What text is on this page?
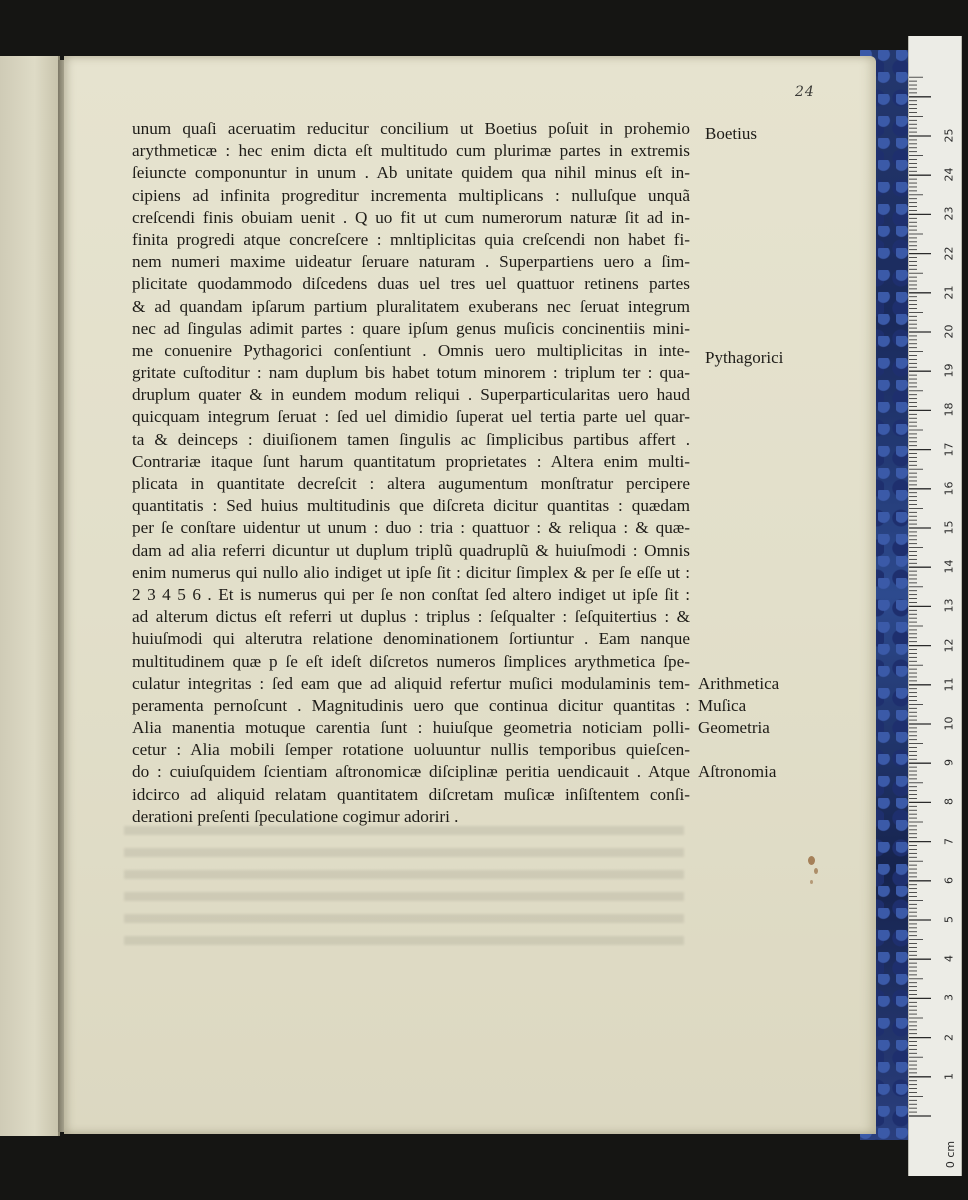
24
unum quaſi aceruatim reducitur concilium ut Boetius poſuit in prohemio
arythmeticæ : hec enim dicta eſt multitudo cum plurimæ partes in extremis
ſeiuncte componuntur in unum . Ab unitate quidem qua nihil minus eſt in-
cipiens ad infinita progreditur incrementa multiplicans : nulluſque unquã
creſcendi finis obuiam uenit . Q uo fit ut cum numerorum naturæ ſit ad in-
finita progredi atque concreſcere : mnltiplicitas quia creſcendi non habet fi-
nem numeri maxime uideatur ſeruare naturam . Superpartiens uero a ſim-
plicitate quodammodo diſcedens duas uel tres uel quattuor retinens partes
& ad quandam ipſarum partium pluralitatem exuberans nec ſeruat integrum
nec ad ſingulas adimit partes : quare ipſum genus muſicis concinentiis mini-
me conuenire Pythagorici conſentiunt . Omnis uero multiplicitas in inte-
gritate cuſtoditur : nam duplum bis habet totum minorem : triplum ter : qua-
druplum quater & in eundem modum reliqui . Superparticularitas uero haud
quicquam integrum ſeruat : ſed uel dimidio ſuperat uel tertia parte uel quar-
ta & deinceps : diuiſionem tamen ſingulis ac ſimplicibus partibus affert .
Contrariæ itaque ſunt harum quantitatum proprietates : Altera enim multi-
plicata in quantitate decreſcit : altera augumentum monſtratur percipere
quantitatis : Sed huius multitudinis que diſcreta dicitur quantitas : quædam
per ſe conſtare uidentur ut unum : duo : tria : quattuor : & reliqua : & quæ-
dam ad alia referri dicuntur ut duplum triplũ quadruplũ & huiuſmodi : Omnis
enim numerus qui nullo alio indiget ut ipſe ſit : dicitur ſimplex & per ſe eſſe ut :
2 3 4 5 6 . Et is numerus qui per ſe non conſtat ſed altero indiget ut ipſe ſit :
ad alterum dictus eſt referri ut duplus : triplus : ſeſqualter : ſeſquitertius : &
huiuſmodi qui alterutra relatione denominationem ſortiuntur . Eam nanque
multitudinem quæ p ſe eſt ideſt diſcretos numeros ſimplices arythmetica ſpe-
culatur integritas : ſed eam que ad aliquid refertur muſici modulaminis tem-
peramenta pernoſcunt . Magnitudinis uero que continua dicitur quantitas :
Alia manentia motuque carentia ſunt : huiuſque geometria noticiam polli-
cetur : Alia mobili ſemper rotatione uoluuntur nullis temporibus quieſcen-
do : cuiuſquidem ſcientiam aſtronomicæ diſciplinæ peritia uendicauit . Atque
idcirco ad aliquid relatam quantitatem diſcretam muſicæ inſiſtentem conſi-
derationi preſenti ſpeculatione cogimur adoriri .
Boetius
Pythagorici
Arithmetica
Muſica
Geometria
Aſtronomia
1
2
3
4
5
6
7
8
9
10
11
12
13
14
15
16
17
18
19
20
21
22
23
24
25
0 cm
